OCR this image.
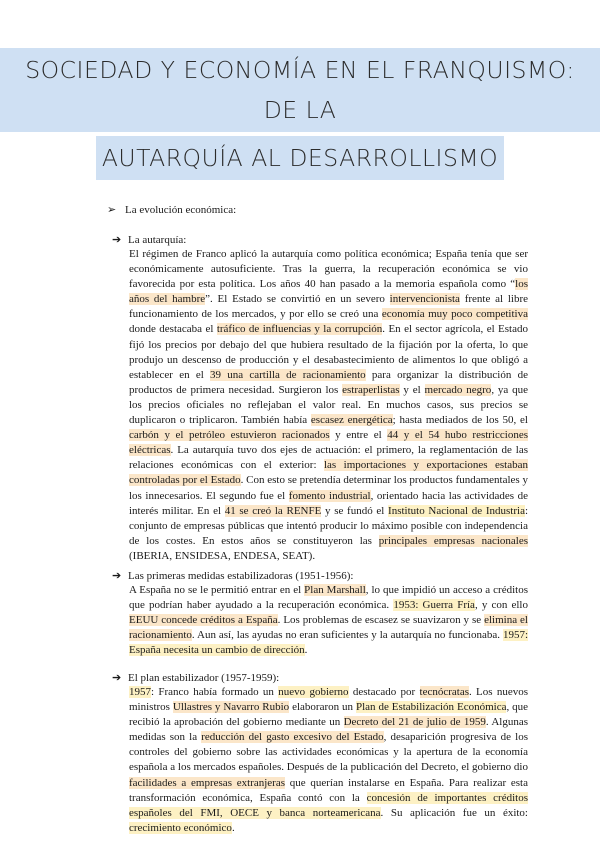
SOCIEDAD Y ECONOMÍA EN EL FRANQUISMO: DE LA
AUTARQUÍA AL DESARROLLISMO
➢ La evolución económica:
➔ La autarquía:
El régimen de Franco aplicó la autarquía como política económica; España tenía que ser económicamente autosuficiente. Tras la guerra, la recuperación económica se vio favorecida por esta política. Los años 40 han pasado a la memoria española como “los años del hambre”. El Estado se convirtió en un severo intervencionista frente al libre funcionamiento de los mercados, y por ello se creó una economía muy poco competitiva donde destacaba el tráfico de influencias y la corrupción. En el sector agrícola, el Estado fijó los precios por debajo del que hubiera resultado de la fijación por la oferta, lo que produjo un descenso de producción y el desabastecimiento de alimentos lo que obligó a establecer en el 39 una cartilla de racionamiento para organizar la distribución de productos de primera necesidad. Surgieron los estraperlistas y el mercado negro, ya que los precios oficiales no reflejaban el valor real. En muchos casos, sus precios se duplicaron o triplicaron. También había escasez energética; hasta mediados de los 50, el carbón y el petróleo estuvieron racionados y entre el 44 y el 54 hubo restricciones eléctricas. La autarquía tuvo dos ejes de actuación: el primero, la reglamentación de las relaciones económicas con el exterior: las importaciones y exportaciones estaban controladas por el Estado. Con esto se pretendía determinar los productos fundamentales y los innecesarios. El segundo fue el fomento industrial, orientado hacia las actividades de interés militar. En el 41 se creó la RENFE y se fundó el Instituto Nacional de Industria: conjunto de empresas públicas que intentó producir lo máximo posible con independencia de los costes. En estos años se constituyeron las principales empresas nacionales (IBERIA, ENSIDESA, ENDESA, SEAT).
➔ Las primeras medidas estabilizadoras (1951-1956):
A España no se le permitió entrar en el Plan Marshall, lo que impidió un acceso a créditos que podrían haber ayudado a la recuperación económica. 1953: Guerra Fría, y con ello EEUU concede créditos a España. Los problemas de escasez se suavizaron y se elimina el racionamiento. Aun así, las ayudas no eran suficientes y la autarquía no funcionaba. 1957: España necesita un cambio de dirección.
➔ El plan estabilizador (1957-1959):
1957: Franco había formado un nuevo gobierno destacado por tecnócratas. Los nuevos ministros Ullastres y Navarro Rubio elaboraron un Plan de Estabilización Económica, que recibió la aprobación del gobierno mediante un Decreto del 21 de julio de 1959. Algunas medidas son la reducción del gasto excesivo del Estado, desaparición progresiva de los controles del gobierno sobre las actividades económicas y la apertura de la economía española a los mercados españoles. Después de la publicación del Decreto, el gobierno dio facilidades a empresas extranjeras que querían instalarse en España. Para realizar esta transformación económica, España contó con la concesión de importantes créditos españoles del FMI, OECE y banca norteamericana. Su aplicación fue un éxito: crecimiento económico.
